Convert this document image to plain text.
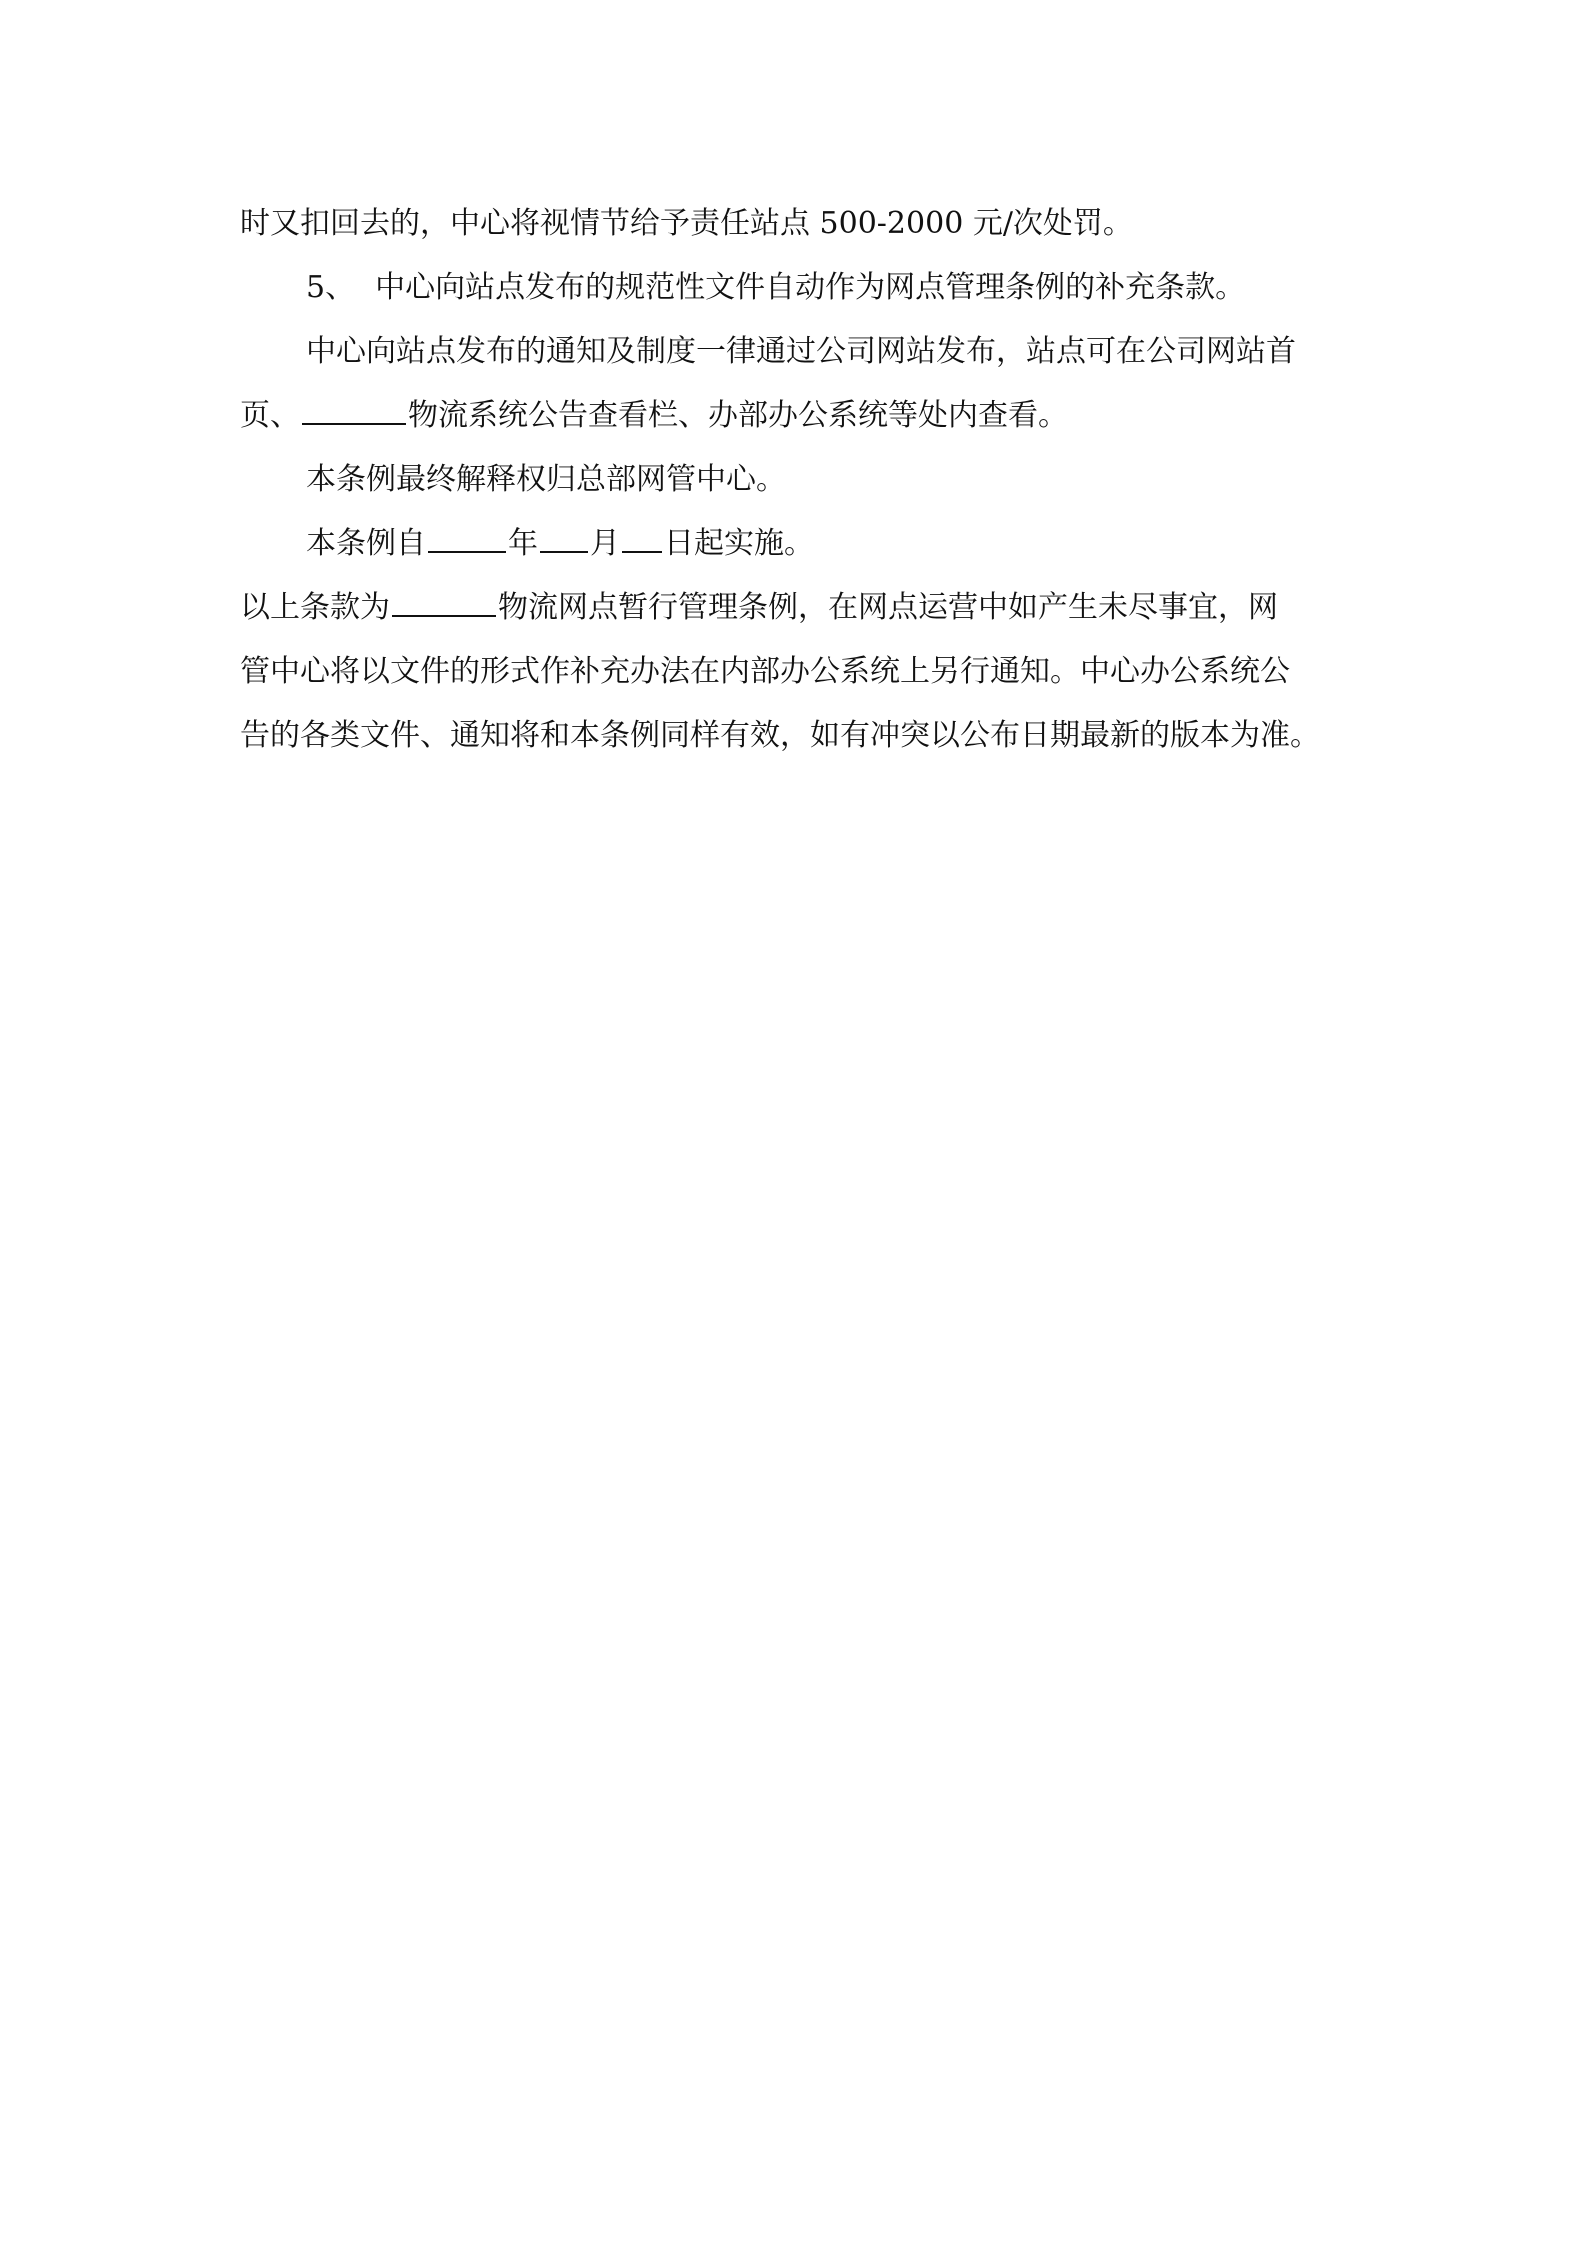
时又扣回去的，中心将视情节给予责任站点 500-2000 元/次处罚。
5、 中心向站点发布的规范性文件自动作为网点管理条例的补充条款。
中心向站点发布的通知及制度一律通过公司网站发布，站点可在公司网站首
页、	物流系统公告查看栏、办部办公系统等处内查看。
本条例最终解释权归总部网管中心。
本条例自	年 月 日起实施。
以上条款为	物流网点暂行管理条例，在网点运营中如产生未尽事宜，网
管中心将以文件的形式作补充办法在内部办公系统上另行通知。中心办公系统公
告的各类文件、通知将和本条例同样有效，如有冲突以公布日期最新的版本为准。
